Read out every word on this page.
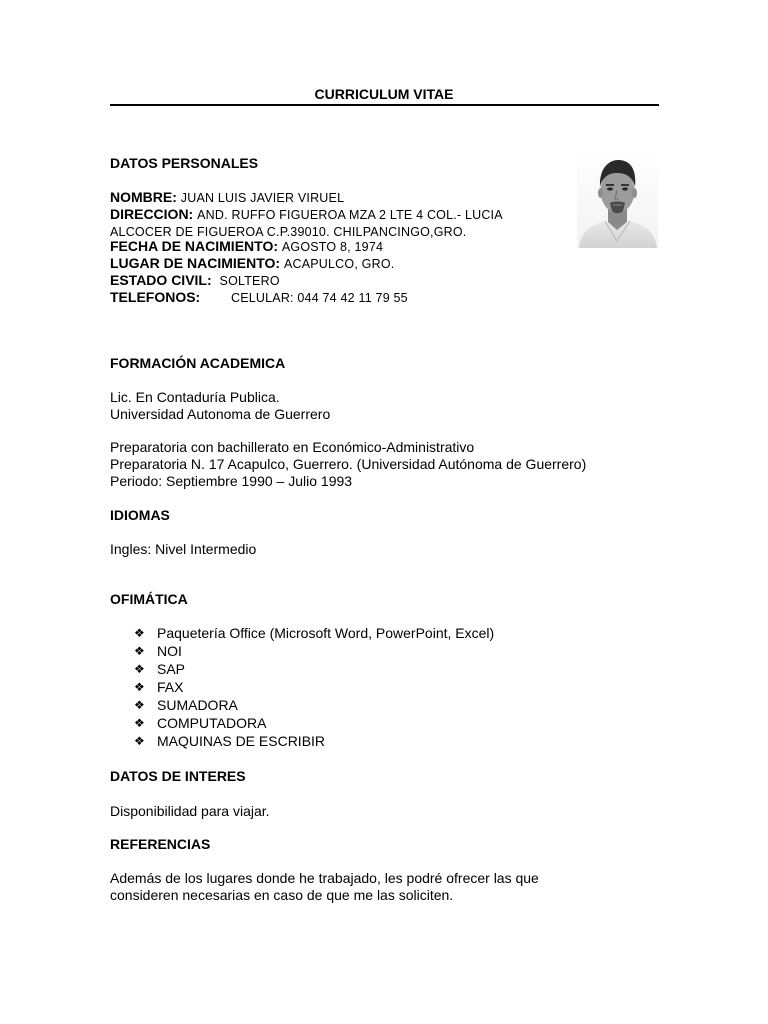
CURRICULUM VITAE
DATOS PERSONALES
NOMBRE: JUAN LUIS JAVIER VIRUEL
DIRECCION: AND. RUFFO FIGUEROA MZA 2 LTE 4 COL.- LUCIA
ALCOCER DE FIGUEROA C.P.39010. CHILPANCINGO,GRO.
FECHA DE NACIMIENTO: AGOSTO 8, 1974
LUGAR DE NACIMIENTO: ACAPULCO, GRO.
ESTADO CIVIL: SOLTERO
TELEFONOS: CELULAR: 044 74 42 11 79 55
FORMACIÓN ACADEMICA
Lic. En Contaduría Publica.
Universidad Autonoma de Guerrero
Preparatoria con bachillerato en Económico-Administrativo
Preparatoria N. 17 Acapulco, Guerrero. (Universidad Autónoma de Guerrero)
Periodo: Septiembre 1990 – Julio 1993
IDIOMAS
Ingles: Nivel Intermedio
OFIMÁTICA
❖ Paquetería Office (Microsoft Word, PowerPoint, Excel)
❖ NOI
❖ SAP
❖ FAX
❖ SUMADORA
❖ COMPUTADORA
❖ MAQUINAS DE ESCRIBIR
DATOS DE INTERES
Disponibilidad para viajar.
REFERENCIAS
Además de los lugares donde he trabajado, les podré ofrecer las que
consideren necesarias en caso de que me las soliciten.
